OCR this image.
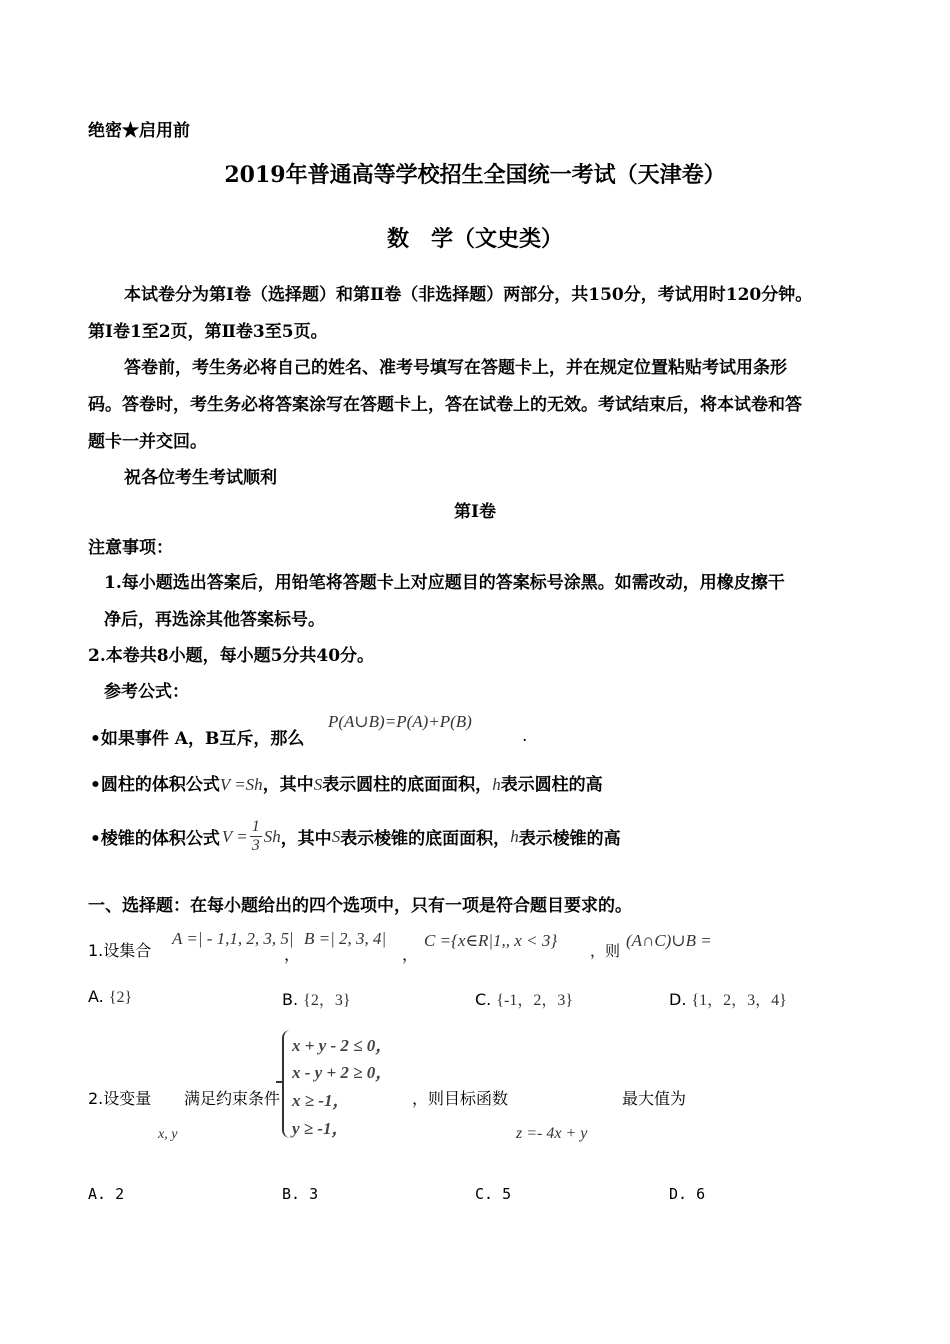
绝密★启用前
2019年普通高等学校招生全国统一考试（天津卷）
数　学（文史类）
本试卷分为第Ⅰ卷（选择题）和第Ⅱ卷（非选择题）两部分，共150分，考试用时120分钟。
第Ⅰ卷1至2页，第Ⅱ卷3至5页。
答卷前，考生务必将自己的姓名、准考号填写在答题卡上，并在规定位置粘贴考试用条形
码。答卷时，考生务必将答案涂写在答题卡上，答在试卷上的无效。考试结束后，将本试卷和答
题卡一并交回。
祝各位考生考试顺利
第Ⅰ卷
注意事项：
1.每小题选出答案后，用铅笔将答题卡上对应题目的答案标号涂黑。如需改动，用橡皮擦干
净后，再选涂其他答案标号。
2.本卷共8小题，每小题5分共40分。
参考公式：
•如果事件 A，B互斥，那么
P(A∪B)=P(A)+P(B)
.
•圆柱的体积公式V =Sh，其中S表示圆柱的底面面积，h表示圆柱的高
•棱锥的体积公式 $V = \frac{1}{3}$ Sh ，其中 S 表示棱锥的底面面积， h 表示棱锥的高
一、选择题：在每小题给出的四个选项中，只有一项是符合题目要求的。
1.设集合
A =| - 1,1, 2, 3, 5|
，
B =| 2, 3, 4|
，
C ={x∈R|1,, x < 3}
，则
(A∩C)∪B =
A. {2}	B. {2，3}	C. {-1，2，3}	D. {1，2，3，4}
2.设变量 满足约束条件
x, y
x + y - 2 ≤ 0，
x - y + 2 ≥ 0，
x ≥ -1，
y ≥ -1，
，则目标函数
z =- 4x + y
最大值为
A. 2	B. 3	C. 5	D. 6
